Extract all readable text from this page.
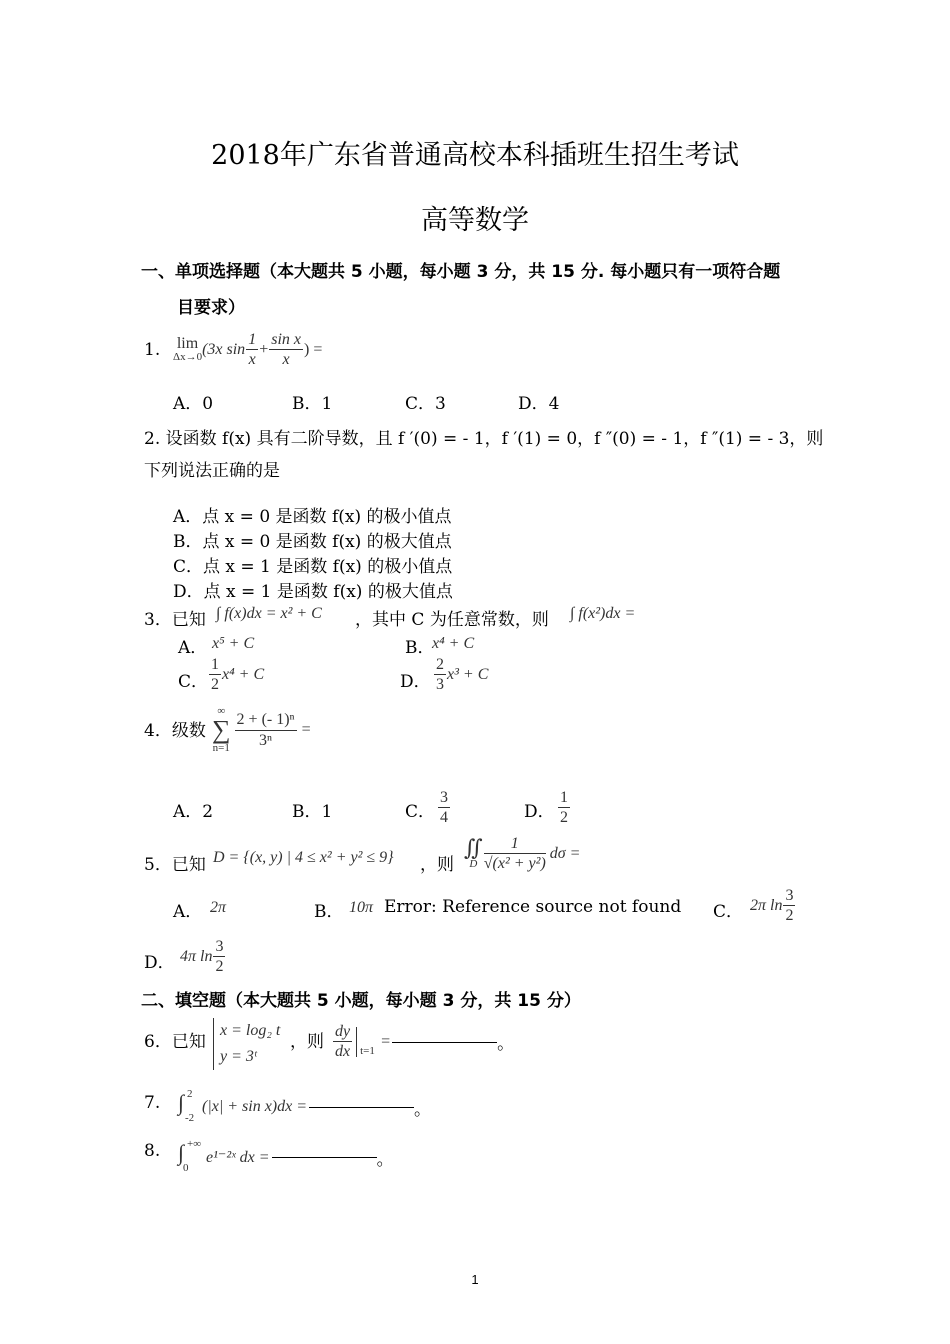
2018年广东省普通高校本科插班生招生考试
高等数学
一、单项选择题（本大题共 5 小题，每小题 3 分，共 15 分. 每小题只有一项符合题
目要求）
1. lim
Δx→0 (3x $\sin \frac{1}{x} + \frac{\text{sin x}}{x}$ ) =
A．0	B．1	C．3	D．4
2. 设函数 f(x) 具有二阶导数，且 f ′(0) = - 1，f ′(1) = 0，f ″(0) = - 1，f ″(1) = - 3，则
下列说法正确的是
A．点 x = 0 是函数 f(x) 的极小值点
B．点 x = 0 是函数 f(x) 的极大值点
C．点 x = 1 是函数 f(x) 的极小值点
D．点 x = 1 是函数 f(x) 的极大值点
3．已知 ∫ f(x)dx = x² + C ，其中 C 为任意常数，则 ∫ f(x²)dx =
A． x⁵ + C	B．
x⁴ + C
C． $\frac{1}{2} x^4 + C$	D． $\frac{2}{3} x^3 + C$
4．级数
∞
∑
$n=1 \frac{\text{2 + (- 1)ⁿ}}{\text{3ⁿ}}$ =
A．2	B．1	C． $\frac{3}{4}$	D． $\frac{1}{2}$
5．已知 D = {(x, y) | 4 ≤ x² + y² ≤ 9} ，则
∬
D $\frac{1}{\text{√(x² + y²)}}$ dσ =
A． 2π	B． 10π Error: Reference source not found C． 2π $\ln \frac{3}{2}$
D． 4π $\ln \frac{3}{2}$
二、填空题（本大题共 5 小题，每小题 3 分，共 15 分）
6．已知
x = log₂ t
y = 3ᵗ
，则 $\frac{dy}{dx} t=1$
=	。
7. ∫ 2
-2
(|x| + sin x)dx =	。
8. ∫ +∞
0
e¹⁻²ˣ dx =	。
1
